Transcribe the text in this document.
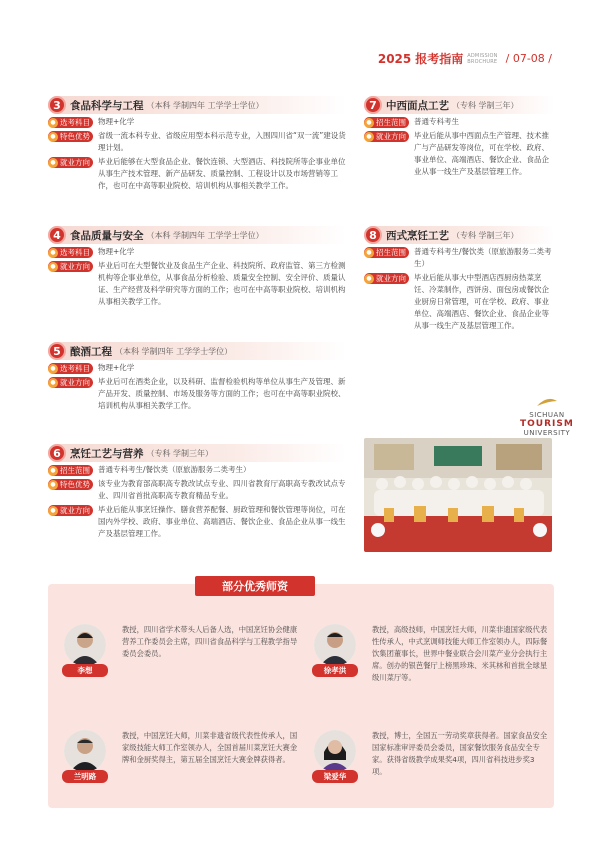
2025 报考指南 ADMISSION
BROCHURE / 07-08 /
3 食品科学与工程 （本科 学制四年 工学学士学位）
● 选考科目 物理+化学
● 特色优势 省级一流本科专业、省级应用型本科示范专业，入围四川省“双一流”建设货理计划。
● 就业方向 毕业后能够在大型食品企业、餐饮连锁、大型酒店、科技院所等企事业单位从事生产技术管理、新产品研发、质量控制、工程设计以及市场营销等工作，也可在中高等职业院校、培训机构从事相关教学工作。
4 食品质量与安全 （本科 学制四年 工学学士学位）
● 选考科目 物理+化学
● 就业方向 毕业后可在大型餐饮业及食品生产企业、科技院所、政府监管、第三方检测机构等企事业单位，从事食品分析检验、质量安全控制、安全评价、质量认证、生产经营及科学研究等方面的工作；也可在中高等职业院校、培训机构从事相关教学工作。
5 酿酒工程 （本科 学制四年 工学学士学位）
● 选考科目 物理+化学
● 就业方向 毕业后可在酒类企业，以及科研、监督检验机构等单位从事生产及管理、新产品开发、质量控制、市场及服务等方面的工作；也可在中高等职业院校、培训机构从事相关教学工作。
6 烹饪工艺与营养 （专科 学制三年）
● 招生范围 普通专科考生/餐饮类（原旅游服务二类考生）
● 特色优势 该专业为教育部高职高专教改试点专业、四川省教育厅高职高专教改试点专业、四川省首批高职高专教育精品专业。
● 就业方向 毕业后能从事烹饪操作、膳食营养配餐、厨政管理和餐饮管理等岗位，可在国内外学校、政府、事业单位、高端酒店、餐饮企业、食品企业从事一线生产及基层管理工作。
7 中西面点工艺 （专科 学制三年）
● 招生范围 普通专科考生
● 就业方向 毕业后能从事中西面点生产管理、技术推广与产品研发等岗位，可在学校、政府、事业单位、高端酒店、餐饮企业、食品企业从事一线生产及基层管理工作。
8 西式烹饪工艺 （专科 学制三年）
● 招生范围 普通专科考生/餐饮类（原旅游服务二类考生）
● 就业方向 毕业后能从事大中型酒店西厨房热菜烹饪、冷菜制作，西饼房、面包房或餐饮企业厨房日常管理，可在学校、政府、事业单位、高端酒店、餐饮企业、食品企业等从事一线生产及基层管理工作。
SICHUAN
TOURISM
UNIVERSITY
部分优秀师资
李想
教授，四川省学术带头人后备人选，中国烹饪协会健康营养工作委员会主席，四川省食品科学与工程教学指导委员会委员。
徐孝洪
教授，高级技师，中国烹饪大师，川菜非遗国家级代表性传承人，中式烹调师技能大师工作室领办人，四际餐饮集团董事长，世界中餐业联合会川菜产业分会执行主席。创办的银芭餐厅上榜黑珍珠、米其林和首批全球星级川菜厅等。
兰明路
教授，中国烹饪大师，川菜非遗省级代表性传承人，国家级技能大师工作室领办人，全国首届川菜烹饪大赛金牌和金厨奖得主，第五届全国烹饪大赛金牌获得者。
梁爱华
教授，博士，全国五一劳动奖章获得者。国家食品安全国家标准审评委员会委员，国家餐饮服务食品安全专家。获得省级教学成果奖4项，四川省科技进步奖3项。
